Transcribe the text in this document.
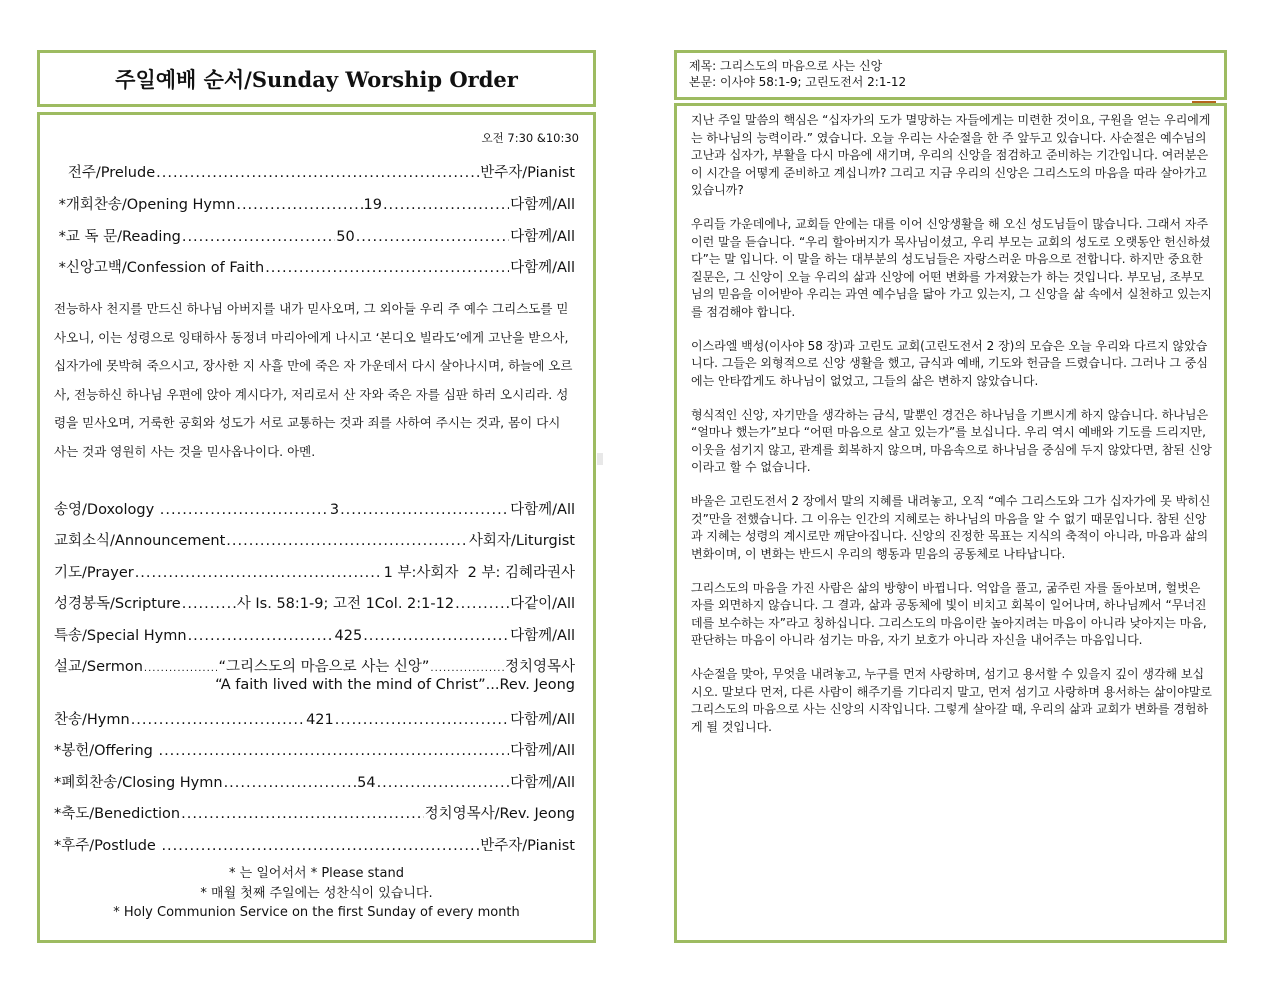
주일예배 순서/Sunday Worship Order
오전 7:30 &10:30
전주/Prelude .....	반주자/Pianist
*개회찬송/Opening Hymn .....	19 .....	다함께/All
*교 독 문/Reading .....	50 .....	다함께/All
*신앙고백/Confession of Faith .....	다함께/All
전능하사 천지를 만드신 하나님 아버지를 내가 믿사오며, 그 외아들 우리 주 예수 그리스도를 믿사오니, 이는 성령으로 잉태하사 동정녀 마리아에게 나시고 ‘본디오 빌라도’에게 고난을 받으사, 십자가에 못박혀 죽으시고, 장사한 지 사흘 만에 죽은 자 가운데서 다시 살아나시며, 하늘에 오르사, 전능하신 하나님 우편에 앉아 계시다가, 저리로서 산 자와 죽은 자를 심판 하러 오시리라. 성령을 믿사오며, 거룩한 공회와 성도가 서로 교통하는 것과 죄를 사하여 주시는 것과, 몸이 다시 사는 것과 영원히 사는 것을 믿사옵나이다. 아멘.
송영/Doxology .....	3 .....	다함께/All
교회소식/Announcement .....	사회자/Liturgist
기도/Prayer .....	1 부:사회자  2 부: 김혜라권사
성경봉독/Scripture .....	사 Is. 58:1-9; 고전 1Col. 2:1-12 .....	다같이/All
특송/Special Hymn .....	425 .....	다함께/All
설교/Sermon .....	“그리스도의 마음으로 사는 신앙” .....	정치영목사
“A faith lived with the mind of Christ”...Rev. Jeong
찬송/Hymn .....	421 .....	다함께/All
*봉헌/Offering .....	다함께/All
*폐회찬송/Closing Hymn .....	54 .....	다함께/All
*축도/Benediction .....	정치영목사/Rev. Jeong
*후주/Postlude .....	반주자/Pianist
* 는 일어서서 * Please stand
* 매월 첫째 주일에는 성찬식이 있습니다.
* Holy Communion Service on the first Sunday of every month
제목: 그리스도의 마음으로 사는 신앙
본문: 이사야 58:1-9; 고린도전서 2:1-12

지난 주일 말씀의 핵심은 “십자가의 도가 멸망하는 자들에게는 미련한 것이요, 구원을 얻는 우리에게는 하나님의 능력이라.” 였습니다. 오늘 우리는 사순절을 한 주 앞두고 있습니다. 사순절은 예수님의 고난과 십자가, 부활을 다시 마음에 새기며, 우리의 신앙을 점검하고 준비하는 기간입니다. 여러분은 이 시간을 어떻게 준비하고 계십니까? 그리고 지금 우리의 신앙은 그리스도의 마음을 따라 살아가고 있습니까?

우리들 가운데에나, 교회들 안에는 대를 이어 신앙생활을 해 오신 성도님들이 많습니다. 그래서 자주 이런 말을 듣습니다. “우리 할아버지가 목사님이셨고, 우리 부모는 교회의 성도로 오랫동안 헌신하셨다”는 말 입니다. 이 말을 하는 대부분의 성도님들은 자랑스러운 마음으로 전합니다. 하지만 중요한 질문은, 그 신앙이 오늘 우리의 삶과 신앙에 어떤 변화를 가져왔는가 하는 것입니다. 부모님, 조부모님의 믿음을 이어받아 우리는 과연 예수님을 닮아 가고 있는지, 그 신앙을 삶 속에서 실천하고 있는지를 점검해야 합니다.

이스라엘 백성(이사야 58 장)과 고린도 교회(고린도전서 2 장)의 모습은 오늘 우리와 다르지 않았습니다. 그들은 외형적으로 신앙 생활을 했고, 금식과 예배, 기도와 헌금을 드렸습니다. 그러나 그 중심에는 안타깝게도 하나님이 없었고, 그들의 삶은 변하지 않았습니다.

형식적인 신앙, 자기만을 생각하는 금식, 말뿐인 경건은 하나님을 기쁘시게 하지 않습니다. 하나님은 “얼마나 했는가”보다 “어떤 마음으로 살고 있는가”를 보십니다. 우리 역시 예배와 기도를 드리지만, 이웃을 섬기지 않고, 관계를 회복하지 않으며, 마음속으로 하나님을 중심에 두지 않았다면, 참된 신앙이라고 할 수 없습니다.

바울은 고린도전서 2 장에서 말의 지혜를 내려놓고, 오직 “예수 그리스도와 그가 십자가에 못 박히신 것”만을 전했습니다. 그 이유는 인간의 지혜로는 하나님의 마음을 알 수 없기 때문입니다. 참된 신앙과 지혜는 성령의 계시로만 깨닫아집니다. 신앙의 진정한 목표는 지식의 축적이 아니라, 마음과 삶의 변화이며, 이 변화는 반드시 우리의 행동과 믿음의 공동체로 나타납니다.

그리스도의 마음을 가진 사람은 삶의 방향이 바뀝니다. 억압을 풀고, 굶주린 자를 돌아보며, 헐벗은 자를 외면하지 않습니다. 그 결과, 삶과 공동체에 빛이 비치고 회복이 일어나며, 하나님께서 “무너진 데를 보수하는 자”라고 칭하십니다. 그리스도의 마음이란 높아지려는 마음이 아니라 낮아지는 마음, 판단하는 마음이 아니라 섬기는 마음, 자기 보호가 아니라 자신을 내어주는 마음입니다.

사순절을 맞아, 무엇을 내려놓고, 누구를 먼저 사랑하며, 섬기고 용서할 수 있을지 깊이 생각해 보십시오. 말보다 먼저, 다른 사람이 해주기를 기다리지 말고, 먼저 섬기고 사랑하며 용서하는 삶이야말로 그리스도의 마음으로 사는 신앙의 시작입니다. 그렇게 살아갈 때, 우리의 삶과 교회가 변화를 경험하게 될 것입니다.
